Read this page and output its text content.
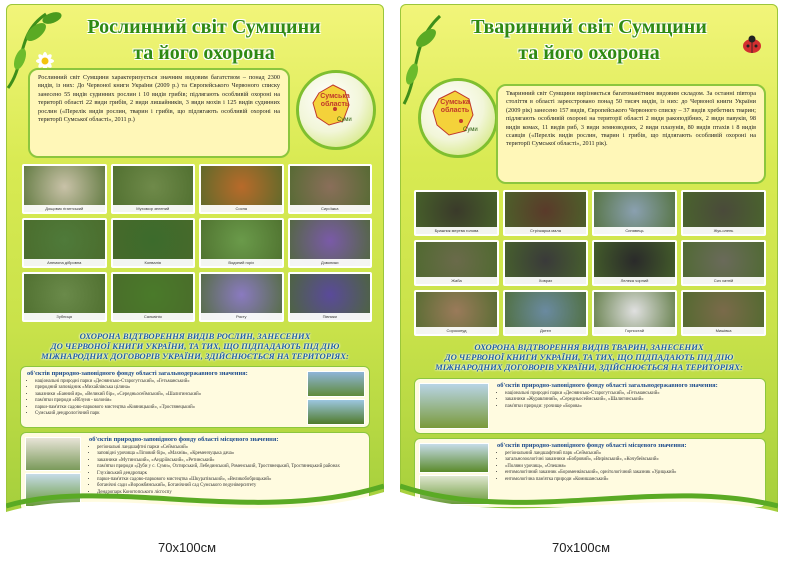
Рослинний світ Сумщини
та його охорона
Рослинний світ Сумщини характеризується значним видовим багатством – понад 2300 видів, із них: До Червоної книги України (2009 р.) та Європейського Червоного списку занесено 55 видів судинних рослин і 10 видів грибів; підлягають особливій охороні на території області 22 види грибів, 2 види лишайників, 3 види мохів і 125 видів судинних рослин («Перелік видів рослин, тварин і грибів, що підлягають особливій охороні на території Сумської області», 2011 р.)
Сумська область
Суми
Дощовик гігантський	Мухомор зелений	Сосна	Сироїжка
Анемона дібровна	Конвалія	Водяний горіх	Дзвоники
Зубниця	Сальвінія	Рясту	Півники
ОХОРОНА ВІДТВОРЕННЯ ВИДІВ РОСЛИН, ЗАНЕСЕНИХ
ДО ЧЕРВОНОЇ КНИГИ УКРАЇНИ, ТА ТИХ, ЩО ПІДПАДАЮТЬ ПІД ДІЮ
МІЖНАРОДНИХ ДОГОВОРІВ УКРАЇНИ, ЗДІЙСНЮЄТЬСЯ НА ТЕРИТОРІЯХ:
об'єктів природно-заповідного фонду області загальнодержавного значення:
• національні природні парки «Деснянсько-Старогутський», «Гетьманський»
• природний заповідник «Михайлівська цілина»
• заказники «Банний яр», «Великий бір», «Середньосеймський», «Шалигинський»
• пам'ятки природи «Яблуня - колонія»
• парки-пам'ятки садово-паркового мистецтва «Кияницький», «Тростянецький»
• Сумський дендрологічний парк
об'єктів природно-заповідного фонду області місцевого значення:
• регіональні ландшафтні парки «Сеймський»
• заповідні урочища «Ліповий бір», «Махнів», «Кременчуцька дача»
• заказники «Мутинський», «Андріївський», «Ретинський»
• пам'ятки природи «Дуби у с. Суми», Охтирський, Лебединський, Роменський, Тростянецький, Тростянецький районах
• Глухівський дендропарк
• парки-пам'ятки садово-паркового мистецтва «Шкуратівський», «Великобобрицький»
• ботанічні сади «Ворожбянський», Ботанічний сад Сумського педуніверситету
• Дендропарк Конотопського лісгоспу
Тваринний світ Сумщини
та його охорона
Сумська область
Суми
Тваринний світ Сумщини вирізняється багатоманітним видовим складом. За останні півтора століття в області зареєстровано понад 50 тисяч видів, із них: до Червоної книги України (2009 рік) занесено 157 видів, Європейського Червоного списку – 37 видів хребетних тварин; підлягають особливій охороні на території області 2 види ракоподібних, 2 види павуків, 98 видів комах, 11 видів риб, 3 види земноводних, 2 види плазунів, 80 видів птахів і 8 видів ссавців («Перелік видів рослин, тварин і грибів, що підлягають особливій охороні на території Сумської області», 2011 рік).
Бражник мертва голова	Стрічкарка мала	Синявець	Жук-олень
Жаба	Ховрах	Лелека чорний	Сич хатній
Сорокопуд	Дятел	Горностай	Мишівка
ОХОРОНА ВІДТВОРЕННЯ ВИДІВ ТВАРИН, ЗАНЕСЕНИХ
ДО ЧЕРВОНОЇ КНИГИ УКРАЇНИ, ТА ТИХ, ЩО ПІДПАДАЮТЬ ПІД ДІЮ
МІЖНАРОДНИХ ДОГОВОРІВ УКРАЇНИ, ЗДІЙСНЮЄТЬСЯ НА ТЕРИТОРІЯХ:
об'єктів природно-заповідного фонду області загальнодержавного значення:
• національні природні парки «Деснянсько-Старогутський», «Гетьманський»
• заказники «Журавлиний», «Середньосеймський», «Шалигинський»
• пам'ятки природи: урочище «Борова»
об'єктів природно-заповідного фонду області місцевого значення:
• регіональний ландшафтний парк «Сеймський»
• загальнозоологічні заказники «Бобровий», «Вирівський», «Кочубеївський»
• «Поляни урочищ», «Олешня»
• ентомологічний заказник «Бороменківський», орнітологічний заказник «Удицький»
• ентомологічна пам'ятка природи «Комишанський»
70x100см	70x100см
